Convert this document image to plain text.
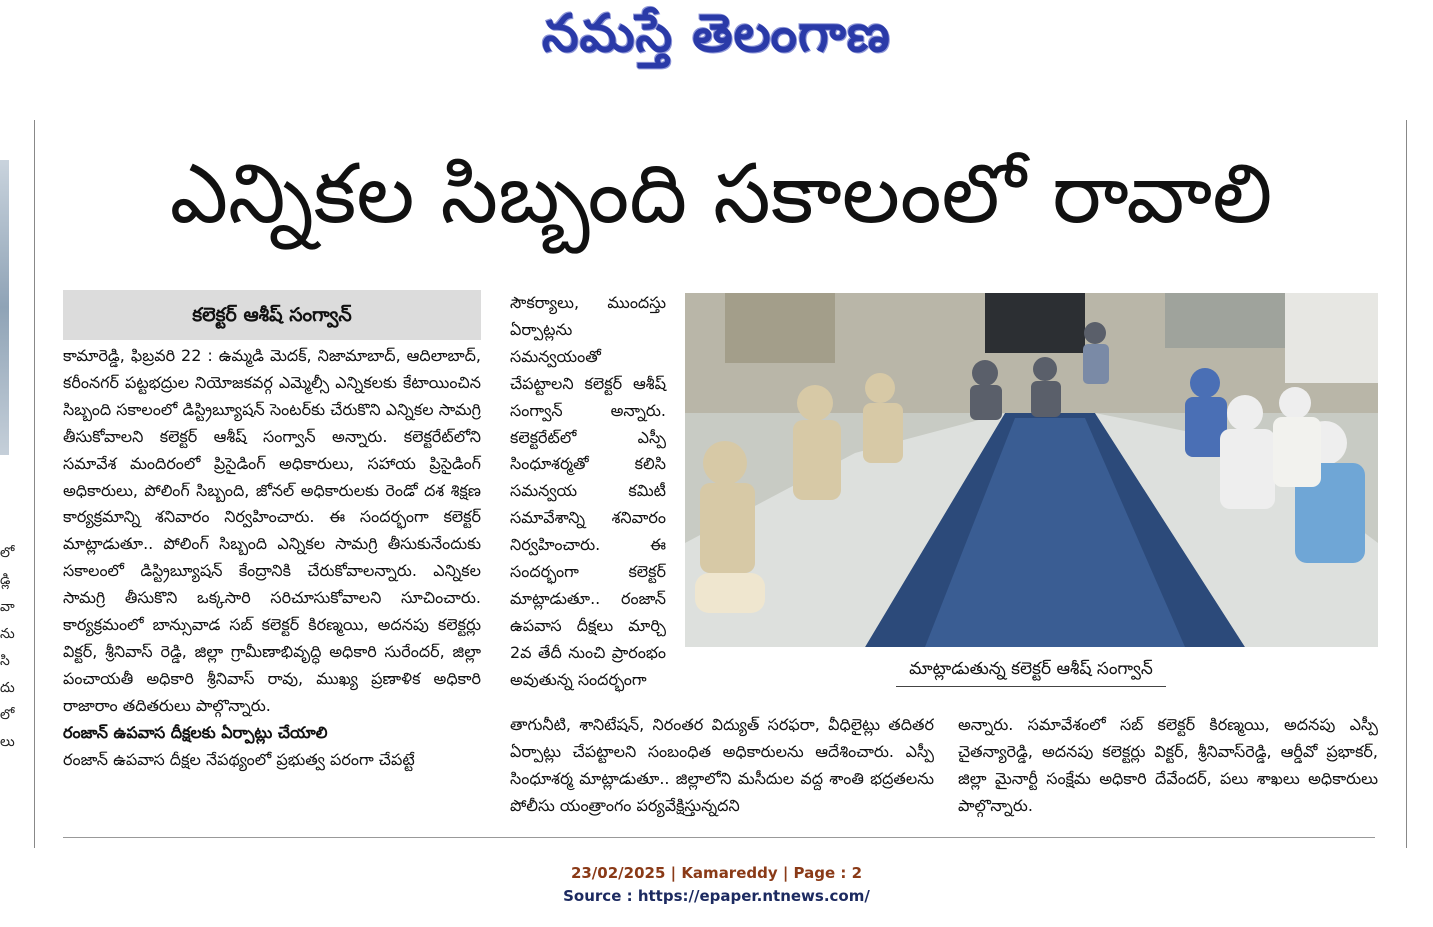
నమస్తే తెలంగాణ
లో
డ్లి
వా
ను
సి
దు
లో
లు
ఎన్నికల సిబ్బంది సకాలంలో రావాలి
కలెక్టర్ ఆశీష్ సంగ్వాన్
కామారెడ్డి, ఫిబ్రవరి 22 : ఉమ్మడి మెదక్, నిజామాబాద్, ఆదిలాబాద్, కరీంనగర్ పట్టభద్రుల నియోజకవర్గ ఎమ్మెల్సీ ఎన్నికలకు కేటాయించిన సిబ్బంది సకాలంలో డిస్ట్రిబ్యూషన్ సెంటర్‌కు చేరుకొని ఎన్నికల సామగ్రి తీసుకోవాలని కలెక్టర్ ఆశీష్ సంగ్వాన్ అన్నారు. కలెక్టరేట్‌లోని సమావేశ మందిరంలో ప్రిసైడింగ్ అధికారులు, సహాయ ప్రిసైడింగ్ అధికారులు, పోలింగ్ సిబ్బంది, జోనల్ అధికారులకు రెండో దశ శిక్షణ కార్యక్రమాన్ని శనివారం నిర్వహించారు. ఈ సందర్భంగా కలెక్టర్ మాట్లాడుతూ.. పోలింగ్ సిబ్బంది ఎన్నికల సామగ్రి తీసుకునేందుకు సకాలంలో డిస్ట్రిబ్యూషన్ కేంద్రానికి చేరుకోవాలన్నారు. ఎన్నికల సామగ్రి తీసుకొని ఒక్కసారి సరిచూసుకోవాలని సూచించారు. కార్యక్రమంలో బాన్సువాడ సబ్ కలెక్టర్ కిరణ్మయి, అదనపు కలెక్టర్లు విక్టర్, శ్రీనివాస్ రెడ్డి, జిల్లా గ్రామీణాభివృద్ధి అధికారి సురేందర్, జిల్లా పంచాయతీ అధికారి శ్రీనివాస్ రావు, ముఖ్య ప్రణాళిక అధికారి రాజారాం తదితరులు పాల్గొన్నారు.
రంజాన్ ఉపవాస దీక్షలకు ఏర్పాట్లు చేయాలి
రంజాన్ ఉపవాస దీక్షల నేపథ్యంలో ప్రభుత్వ పరంగా చేపట్టే
సౌకర్యాలు, ముందస్తు ఏర్పాట్లను సమన్వయంతో చేపట్టాలని కలెక్టర్ ఆశీష్ సంగ్వాన్ అన్నారు. కలెక్టరేట్‌లో ఎస్పీ సింధూశర్మతో కలిసి సమన్వయ కమిటీ సమావేశాన్ని శనివారం నిర్వహించారు. ఈ సందర్భంగా కలెక్టర్ మాట్లాడుతూ.. రంజాన్ ఉపవాస దీక్షలు మార్చి 2వ తేదీ నుంచి ప్రారంభం అవుతున్న సందర్భంగా
మాట్లాడుతున్న కలెక్టర్ ఆశీష్ సంగ్వాన్
తాగునీటి, శానిటేషన్, నిరంతర విద్యుత్ సరఫరా, వీధిలైట్లు తదితర ఏర్పాట్లు చేపట్టాలని సంబంధిత అధికారులను ఆదేశించారు. ఎస్పీ సింధూశర్మ మాట్లాడుతూ.. జిల్లాలోని మసీదుల వద్ద శాంతి భద్రతలను పోలీసు యంత్రాంగం పర్యవేక్షిస్తున్నదని
అన్నారు. సమావేశంలో సబ్ కలెక్టర్ కిరణ్మయి, అదనపు ఎస్పీ చైతన్యారెడ్డి, అదనపు కలెక్టర్లు విక్టర్, శ్రీనివాస్‌రెడ్డి, ఆర్డీవో ప్రభాకర్, జిల్లా మైనార్టీ సంక్షేమ అధికారి దేవేందర్, పలు శాఖలు అధికారులు పాల్గొన్నారు.
23/02/2025 | Kamareddy | Page : 2
Source : https://epaper.ntnews.com/
